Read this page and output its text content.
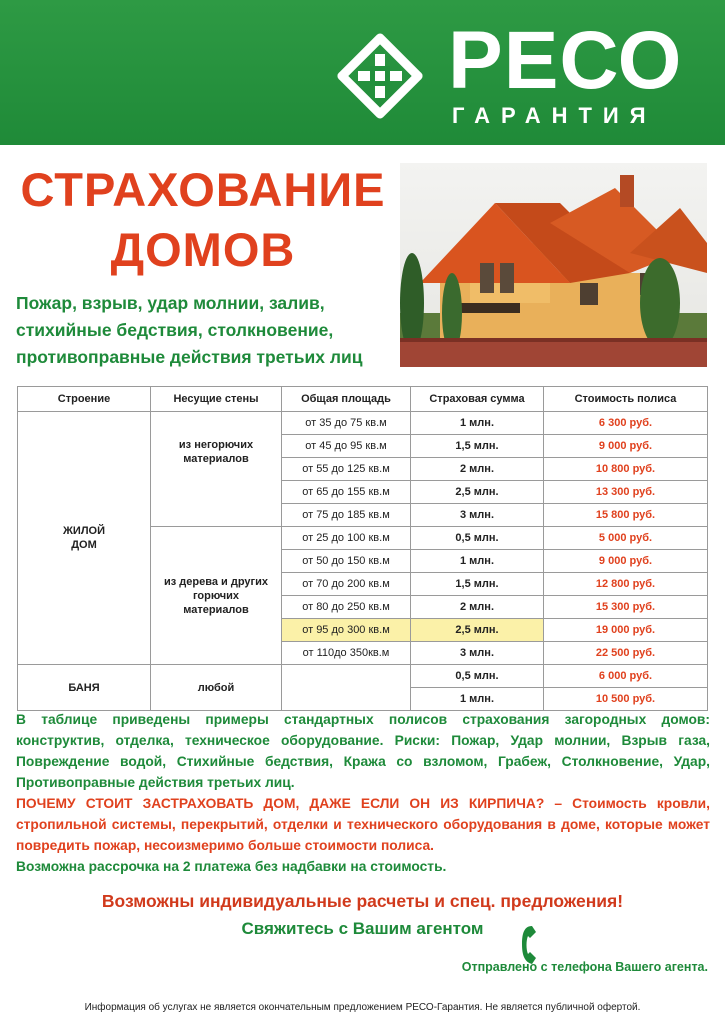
РЕСО
ГАРАНТИЯ
СТРАХОВАНИЕ
ДОМОВ
Пожар, взрыв, удар молнии, залив,
стихийные бедствия, столкновение,
противоправные действия третьих лиц
Строение	Несущие стены	Общая площадь	Страховая сумма	Стоимость полиса
ЖИЛОЙ ДОМ	из негорючих материалов	от 35 до 75 кв.м	1 млн.	6 300 руб.
		от 45 до 95 кв.м	1,5 млн.	9 000 руб.
		от 55 до 125 кв.м	2 млн.	10 800 руб.
		от 65 до 155 кв.м	2,5 млн.	13 300 руб.
		от 75 до 185 кв.м	3 млн.	15 800 руб.
	из дерева и других горючих материалов	от 25 до 100 кв.м	0,5 млн.	5 000 руб.
		от 50 до 150 кв.м	1 млн.	9 000 руб.
		от 70 до 200 кв.м	1,5 млн.	12 800 руб.
		от 80 до 250 кв.м	2 млн.	15 300 руб.
		от 95 до 300 кв.м	2,5 млн.	19 000 руб.
		от 110до 350кв.м	3 млн.	22 500 руб.
БАНЯ	любой		0,5 млн.	6 000 руб.
			1 млн.	10 500 руб.

В таблице приведены примеры стандартных полисов страхования загородных домов: конструктив, отделка, техническое оборудование. Риски: Пожар, Удар молнии, Взрыв газа, Повреждение водой, Стихийные бедствия, Кража со взломом, Грабеж, Столкновение, Удар, Противоправные действия третьих лиц.

ПОЧЕМУ СТОИТ ЗАСТРАХОВАТЬ ДОМ, ДАЖЕ ЕСЛИ ОН ИЗ КИРПИЧА? – Стоимость кровли, стропильной системы, перекрытий, отделки и технического оборудования в доме, которые может повредить пожар, несоизмеримо больше стоимости полиса.

Возможна рассрочка на 2 платежа без надбавки на стоимость.

Возможны индивидуальные расчеты и спец. предложения!
Свяжитесь с Вашим агентом
Отправлено с телефона Вашего агента.
Информация об услугах не является окончательным предложением РЕСО-Гарантия. Не является публичной офертой.
